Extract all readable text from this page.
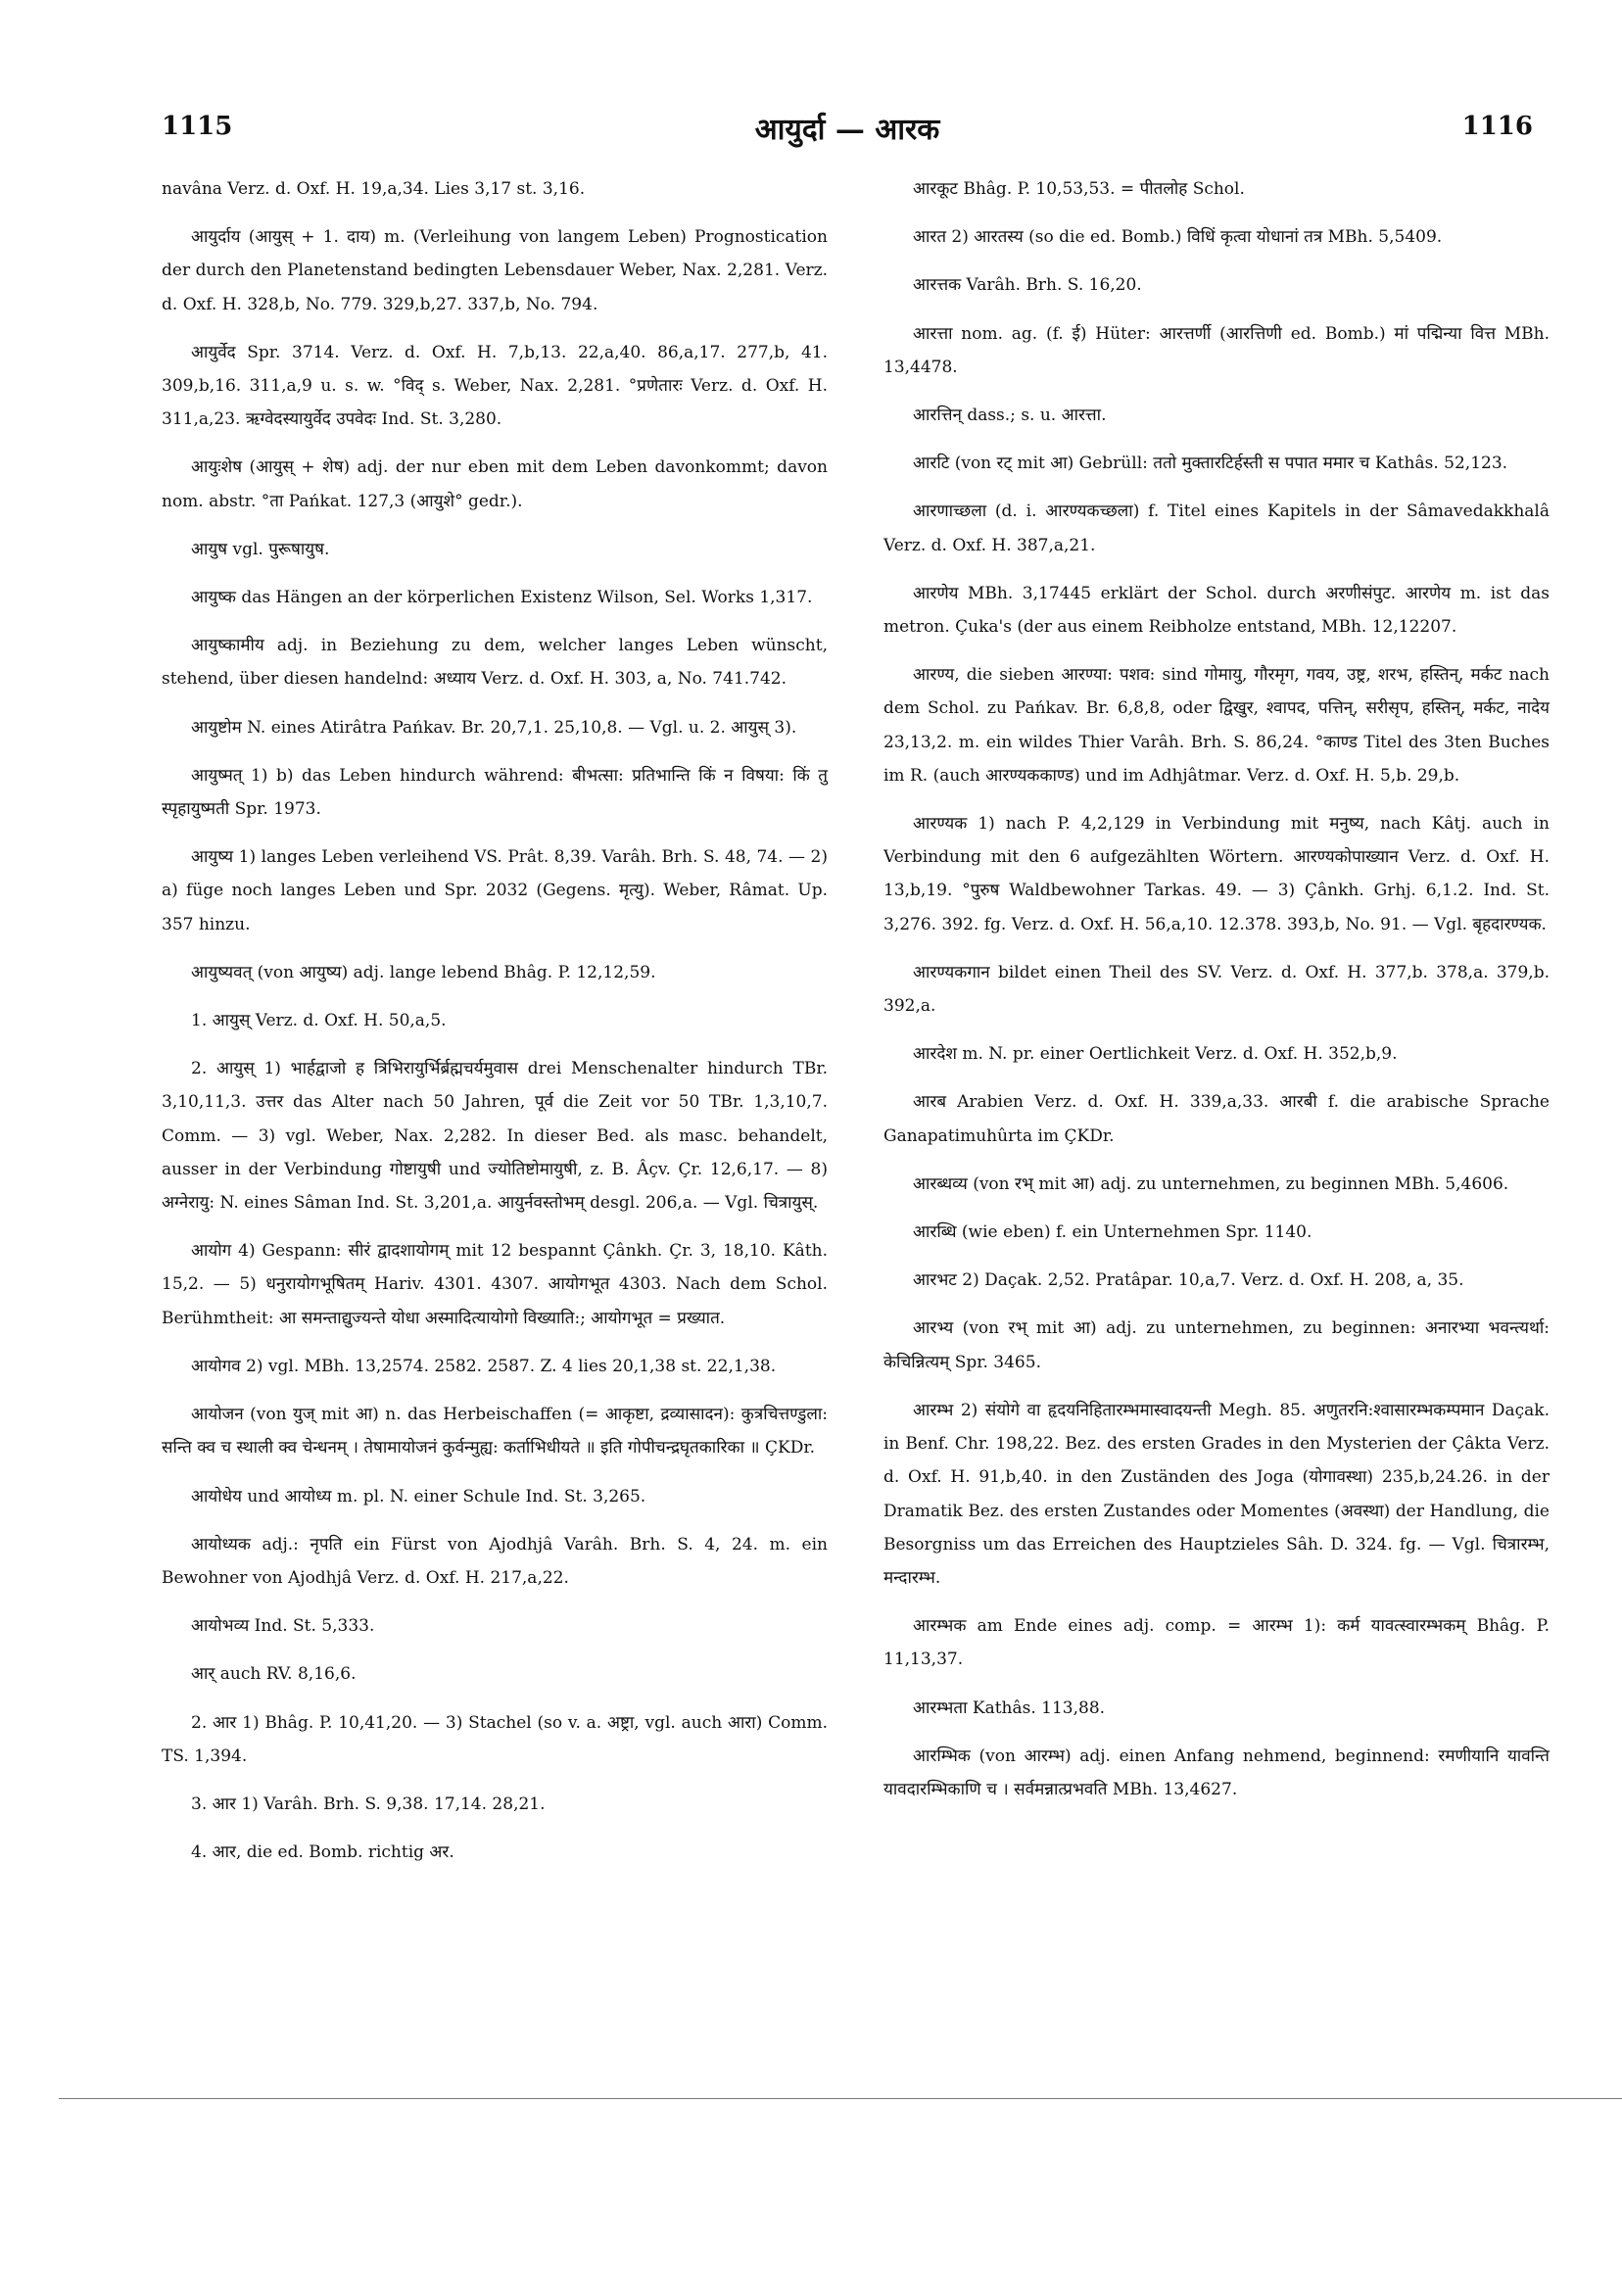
1115	आयुर्दा — आरक	1116

navâna Verz. d. Oxf. H. 19,a,34. Lies 3,17 st. 3,16.

आयुर्दाय (आयुस् + 1. दाय) m. (Verleihung von langem Leben) Prognostication der durch den Planetenstand bedingten Lebensdauer Weber, Nax. 2,281. Verz. d. Oxf. H. 328,b, No. 779. 329,b,27. 337,b, No. 794.

आयुर्वेद Spr. 3714. Verz. d. Oxf. H. 7,b,13. 22,a,40. 86,a,17. 277,b, 41. 309,b,16. 311,a,9 u. s. w. °विद् s. Weber, Nax. 2,281. °प्रणेतारः Verz. d. Oxf. H. 311,a,23. ऋग्वेदस्यायुर्वेद उपवेदः Ind. St. 3,280.

आयुःशेष (आयुस् + शेष) adj. der nur eben mit dem Leben davonkommt; davon nom. abstr. °ता Pańkat. 127,3 (आयुशे° gedr.).

आयुष vgl. पुरूषायुष.

आयुष्क das Hängen an der körperlichen Existenz Wilson, Sel. Works 1,317.

आयुष्कामीय adj. in Beziehung zu dem, welcher langes Leben wünscht, stehend, über diesen handelnd: अध्याय Verz. d. Oxf. H. 303, a, No. 741.742.

आयुष्टोम N. eines Atirâtra Pańkav. Br. 20,7,1. 25,10,8. — Vgl. u. 2. आयुस् 3).

आयुष्मत् 1) b) das Leben hindurch während: बीभत्सा: प्रतिभान्ति किं न विषया: किं तु स्पृहायुष्मती Spr. 1973.

आयुष्य 1) langes Leben verleihend VS. Prât. 8,39. Varâh. Brh. S. 48, 74. — 2) a) füge noch langes Leben und Spr. 2032 (Gegens. मृत्यु). Weber, Râmat. Up. 357 hinzu.

आयुष्यवत् (von आयुष्य) adj. lange lebend Bhâg. P. 12,12,59.

1. आयुस् Verz. d. Oxf. H. 50,a,5.

2. आयुस् 1) भार्हद्वाजो ह त्रिभिरायुर्भिर्ब्रह्मचर्यमुवास drei Menschenalter hindurch TBr. 3,10,11,3. उत्तर das Alter nach 50 Jahren, पूर्व die Zeit vor 50 TBr. 1,3,10,7. Comm. — 3) vgl. Weber, Nax. 2,282. In dieser Bed. als masc. behandelt, ausser in der Verbindung गोष्टायुषी und ज्योतिष्टोमायुषी, z. B. Âçv. Çr. 12,6,17. — 8) अग्नेरायु: N. eines Sâman Ind. St. 3,201,a. आयुर्नवस्तोभम् desgl. 206,a. — Vgl. चित्रायुस्.

आयोग 4) Gespann: सीरं द्वादशायोगम् mit 12 bespannt Çânkh. Çr. 3, 18,10. Kâth. 15,2. — 5) धनुरायोगभूषितम् Hariv. 4301. 4307. आयोगभूत 4303. Nach dem Schol. Berühmtheit: आ समन्ताद्युज्यन्ते योधा अस्मादित्यायोगो विख्याति:; आयोगभूत = प्रख्यात.

आयोगव 2) vgl. MBh. 13,2574. 2582. 2587. Z. 4 lies 20,1,38 st. 22,1,38.

आयोजन (von युज् mit आ) n. das Herbeischaffen (= आकृष्टा, द्रव्यासादन): कुत्रचित्तण्डुला: सन्ति क्व च स्थाली क्व चेन्धनम् । तेषामायोजनं कुर्वन्मुह्य: कर्ताभिधीयते ॥ इति गोपीचन्द्रघृतकारिका ॥ ÇKDr.

आयोधेय und आयोध्य m. pl. N. einer Schule Ind. St. 3,265.

आयोध्यक adj.: नृपति ein Fürst von Ajodhjâ Varâh. Brh. S. 4, 24. m. ein Bewohner von Ajodhjâ Verz. d. Oxf. H. 217,a,22.

आयोभव्य Ind. St. 5,333.

आर् auch RV. 8,16,6.

2. आर 1) Bhâg. P. 10,41,20. — 3) Stachel (so v. a. अष्ट्रा, vgl. auch आरा) Comm. TS. 1,394.

3. आर 1) Varâh. Brh. S. 9,38. 17,14. 28,21.

4. आर, die ed. Bomb. richtig अर.

आरकूट Bhâg. P. 10,53,53. = पीतलोह Schol.

आरत 2) आरतस्य (so die ed. Bomb.) विधिं कृत्वा योधानां तत्र MBh. 5,5409.

आरत्तक Varâh. Brh. S. 16,20.

आरत्ता nom. ag. (f. ई) Hüter: आरत्तर्णी (आरत्तिणी ed. Bomb.) मां पद्मिन्या वित्त MBh. 13,4478.

आरत्तिन् dass.; s. u. आरत्ता.

आरटि (von रट् mit आ) Gebrüll: ततो मुक्तारटिर्हस्ती स पपात ममार च Kathâs. 52,123.

आरणाच्छला (d. i. आरण्यकच्छला) f. Titel eines Kapitels in der Sâmavedakkhalâ Verz. d. Oxf. H. 387,a,21.

आरणेय MBh. 3,17445 erklärt der Schol. durch अरणीसंपुट. आरणेय m. ist das metron. Çuka's (der aus einem Reibholze entstand, MBh. 12,12207.

आरण्य, die sieben आरण्या: पशव: sind गोमायु, गौरमृग, गवय, उष्ट्र, शरभ, हस्तिन्, मर्कट nach dem Schol. zu Pańkav. Br. 6,8,8, oder द्विखुर, श्वापद, पत्तिन्, सरीसृप, हस्तिन्, मर्कट, नादेय 23,13,2. m. ein wildes Thier Varâh. Brh. S. 86,24. °काण्ड Titel des 3ten Buches im R. (auch आरण्यककाण्ड) und im Adhjâtmar. Verz. d. Oxf. H. 5,b. 29,b.

आरण्यक 1) nach P. 4,2,129 in Verbindung mit मनुष्य, nach Kâtj. auch in Verbindung mit den 6 aufgezählten Wörtern. आरण्यकोपाख्यान Verz. d. Oxf. H. 13,b,19. °पुरुष Waldbewohner Tarkas. 49. — 3) Çânkh. Grhj. 6,1.2. Ind. St. 3,276. 392. fg. Verz. d. Oxf. H. 56,a,10. 12.378. 393,b, No. 91. — Vgl. बृहदारण्यक.

आरण्यकगान bildet einen Theil des SV. Verz. d. Oxf. H. 377,b. 378,a. 379,b. 392,a.

आरदेश m. N. pr. einer Oertlichkeit Verz. d. Oxf. H. 352,b,9.

आरब Arabien Verz. d. Oxf. H. 339,a,33. आरबी f. die arabische Sprache Ganapatimuhûrta im ÇKDr.

आरब्धव्य (von रभ् mit आ) adj. zu unternehmen, zu beginnen MBh. 5,4606.

आरब्धि (wie eben) f. ein Unternehmen Spr. 1140.

आरभट 2) Daçak. 2,52. Pratâpar. 10,a,7. Verz. d. Oxf. H. 208, a, 35.

आरभ्य (von रभ् mit आ) adj. zu unternehmen, zu beginnen: अनारभ्या भवन्त्यर्था: केचिन्नित्यम् Spr. 3465.

आरम्भ 2) संयोगे वा हृदयनिहितारम्भमास्वादयन्ती Megh. 85. अणुतरनि:श्वासारम्भकम्पमान Daçak. in Benf. Chr. 198,22. Bez. des ersten Grades in den Mysterien der Çâkta Verz. d. Oxf. H. 91,b,40. in den Zuständen des Joga (योगावस्था) 235,b,24.26. in der Dramatik Bez. des ersten Zustandes oder Momentes (अवस्था) der Handlung, die Besorgniss um das Erreichen des Hauptzieles Sâh. D. 324. fg. — Vgl. चित्रारम्भ, मन्दारम्भ.

आरम्भक am Ende eines adj. comp. = आरम्भ 1): कर्म यावत्स्वारम्भकम् Bhâg. P. 11,13,37.

आरम्भता Kathâs. 113,88.

आरम्भिक (von आरम्भ) adj. einen Anfang nehmend, beginnend: रमणीयानि यावन्ति यावदारम्भिकाणि च । सर्वमन्नात्प्रभवति MBh. 13,4627.
